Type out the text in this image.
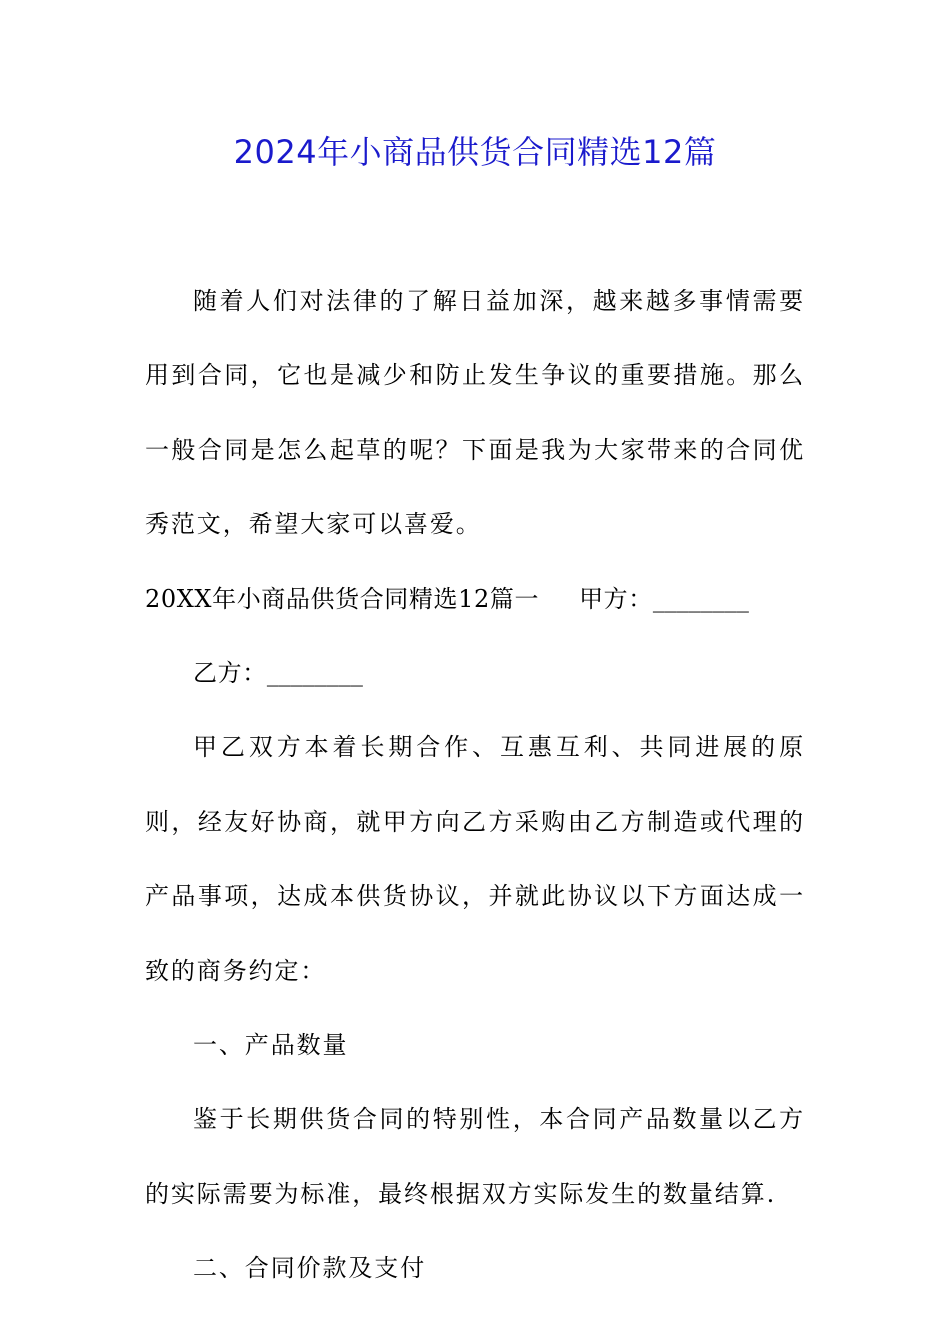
2024年小商品供货合同精选12篇

随着人们对法律的了解日益加深，越来越多事情需要用到合同，它也是减少和防止发生争议的重要措施。那么一般合同是怎么起草的呢？下面是我为大家带来的合同优秀范文，希望大家可以喜爱。

20XX年小商品供货合同精选12篇一 甲方：________

乙方：________

甲乙双方本着长期合作、互惠互利、共同进展的原则，经友好协商，就甲方向乙方采购由乙方制造或代理的产品事项，达成本供货协议，并就此协议以下方面达成一致的商务约定：

一、产品数量

鉴于长期供货合同的特别性，本合同产品数量以乙方的实际需要为标准，最终根据双方实际发生的数量结算.

二、合同价款及支付
